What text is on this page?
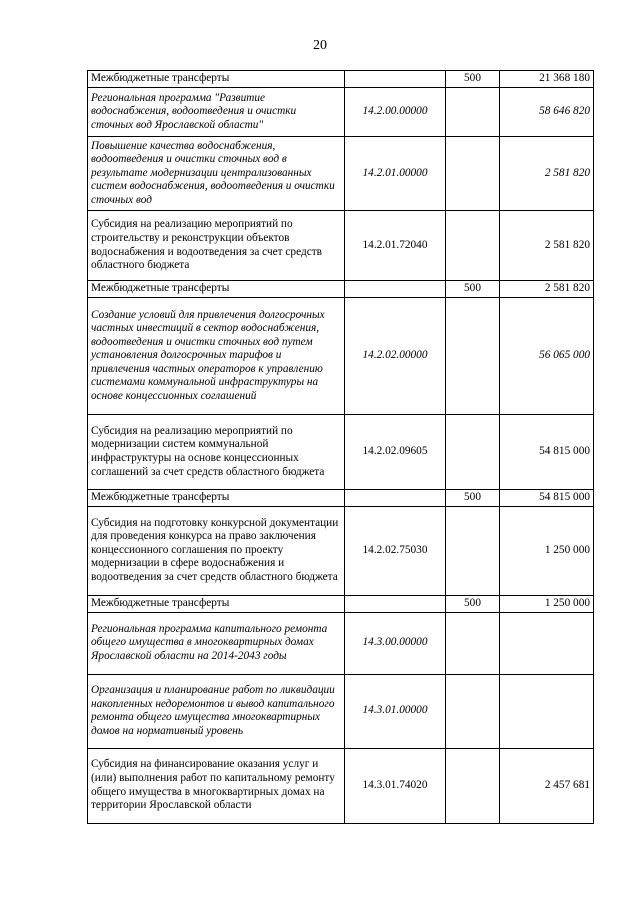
20
Межбюджетные трансферты		500	21 368 180

Региональная программа "Развитие водоснабжения, водоотведения и очистки сточных вод Ярославской области"	14.2.00.00000		58 646 820

Повышение качества водоснабжения, водоотведения и очистки сточных вод в результате модернизации централизованных систем водоснабжения, водоотведения и очистки сточных вод	14.2.01.00000		2 581 820

Субсидия на реализацию мероприятий по строительству и реконструкции объектов водоснабжения и водоотведения за счет средств областного бюджета	14.2.01.72040		2 581 820

Межбюджетные трансферты		500	2 581 820

Создание условий для привлечения долгосрочных частных инвестиций в сектор водоснабжения, водоотведения и очистки сточных вод путем установления долгосрочных тарифов и привлечения частных операторов к управлению системами коммунальной инфраструктуры на основе концессионных соглашений	14.2.02.00000		56 065 000

Субсидия на реализацию мероприятий по модернизации систем коммунальной инфраструктуры на основе концессионных соглашений за счет средств областного бюджета	14.2.02.09605		54 815 000

Межбюджетные трансферты		500	54 815 000

Субсидия на подготовку конкурсной документации для проведения конкурса на право заключения концессионного соглашения по проекту модернизации в сфере водоснабжения и водоотведения за счет средств областного бюджета	14.2.02.75030		1 250 000

Межбюджетные трансферты		500	1 250 000

Региональная программа капитального ремонта общего имущества в многоквартирных домах Ярославской области на 2014-2043 годы	14.3.00.00000		

Организация и планирование работ по ликвидации накопленных недоремонтов и вывод капитального ремонта общего имущества многоквартирных домов на нормативный уровень	14.3.01.00000		

Субсидия на финансирование оказания услуг и (или) выполнения работ по капитальному ремонту общего имущества в многоквартирных домах на территории Ярославской области	14.3.01.74020		2 457 681
